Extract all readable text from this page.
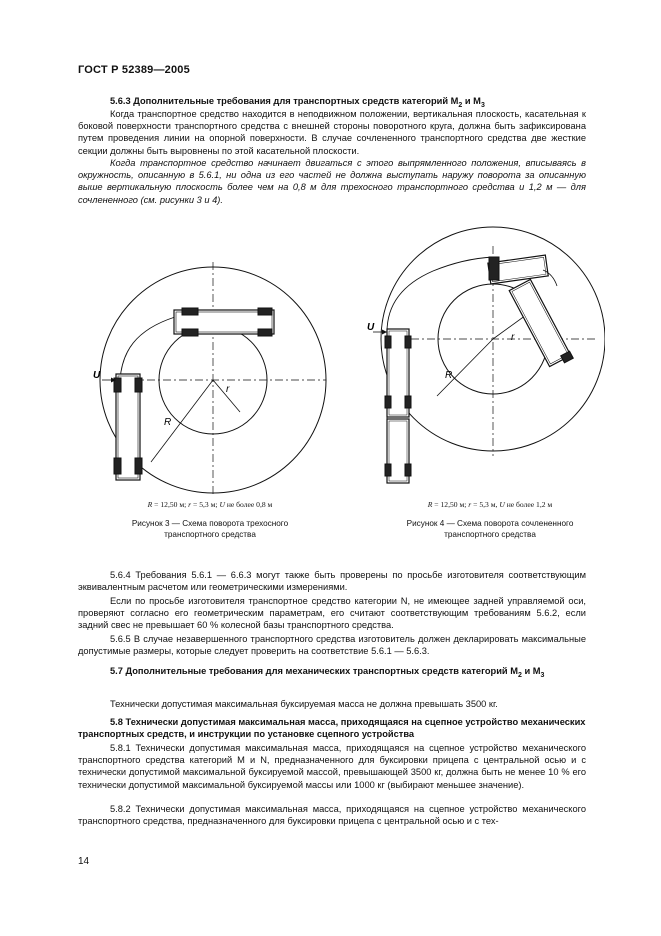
ГОСТ Р 52389—2005
5.6.3 Дополнительные требования для транспортных средств категорий $M_2$ и $M_3$
Когда транспортное средство находится в неподвижном положении, вертикальная плоскость, касательная к боковой поверхности транспортного средства с внешней стороны поворотного круга, должна быть зафиксирована путем проведения линии на опорной поверхности. В случае сочлененного транспортного средства две жесткие секции должны быть выровнены по этой касательной плоскости.
Когда транспортное средство начинает двигаться с этого выпрямленного положения, вписываясь в окружность, описанную в 5.6.1, ни одна из его частей не должна выступать наружу поворота за описанную выше вертикальную плоскость более чем на 0,8 м для трехосного транспортного средства и 1,2 м — для сочлененного (см. рисунки 3 и 4).
U
R
r
R = 12,50 м; r = 5,3 м; U не более 0,8 м
Рисунок 3 — Схема поворота трехосного
транспортного средства
U
R
r
R = 12,50 м; r = 5,3 м, U не более 1,2 м
Рисунок 4 — Схема поворота сочлененного
транспортного средства
5.6.4 Требования 5.6.1 — 6.6.3 могут также быть проверены по просьбе изготовителя соответствующим эквивалентным расчетом или геометрическими измерениями.
Если по просьбе изготовителя транспортное средство категории N, не имеющее задней управляемой оси, проверяют согласно его геометрическим параметрам, его считают соответствующим требованиям 5.6.2, если задний свес не превышает 60 % колесной базы транспортного средства.
5.6.5 В случае незавершенного транспортного средства изготовитель должен декларировать максимальные допустимые размеры, которые следует проверить на соответствие 5.6.1 — 5.6.3.
5.7 Дополнительные требования для механических транспортных средств категорий $M_2$ и $M_3$
Технически допустимая максимальная буксируемая масса не должна превышать 3500 кг.
5.8 Технически допустимая максимальная масса, приходящаяся на сцепное устройство механических транспортных средств, и инструкции по установке сцепного устройства
5.8.1 Технически допустимая максимальная масса, приходящаяся на сцепное устройство механического транспортного средства категорий M и N, предназначенного для буксировки прицепа с центральной осью и с технически допустимой максимальной буксируемой массой, превышающей 3500 кг, должна быть не менее 10 % его технически допустимой максимальной буксируемой массы или 1000 кг (выбирают меньшее значение).
5.8.2 Технически допустимая максимальная масса, приходящаяся на сцепное устройство механического транспортного средства, предназначенного для буксировки прицепа с центральной осью и с тех-
14
